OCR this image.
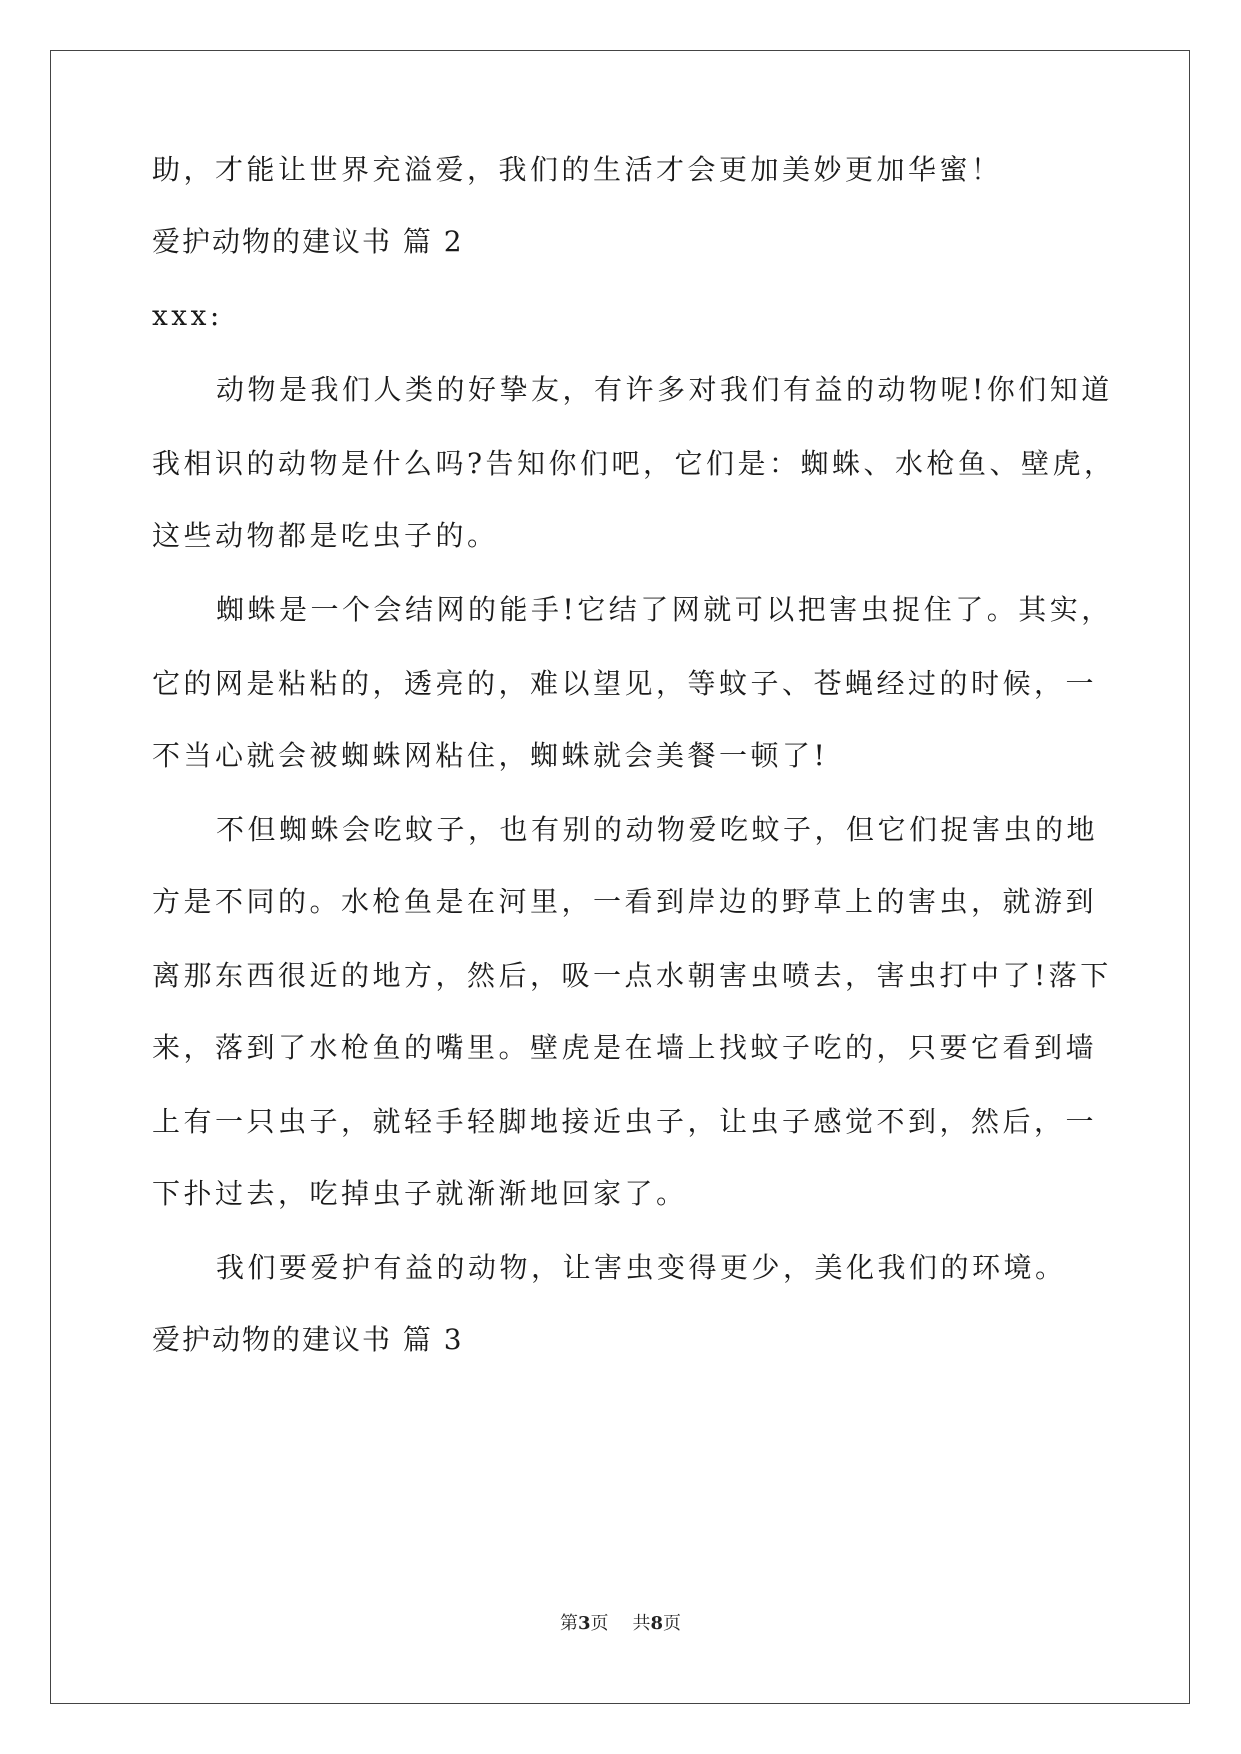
助，才能让世界充溢爱，我们的生活才会更加美妙更加华蜜！
爱护动物的建议书 篇 2
xxx:
动物是我们人类的好挚友，有许多对我们有益的动物呢!你们知道
我相识的动物是什么吗?告知你们吧，它们是：蜘蛛、水枪鱼、壁虎，
这些动物都是吃虫子的。
蜘蛛是一个会结网的能手!它结了网就可以把害虫捉住了。其实，
它的网是粘粘的，透亮的，难以望见，等蚊子、苍蝇经过的时候，一
不当心就会被蜘蛛网粘住，蜘蛛就会美餐一顿了!
不但蜘蛛会吃蚊子，也有别的动物爱吃蚊子，但它们捉害虫的地
方是不同的。水枪鱼是在河里，一看到岸边的野草上的害虫，就游到
离那东西很近的地方，然后，吸一点水朝害虫喷去，害虫打中了!落下
来，落到了水枪鱼的嘴里。壁虎是在墙上找蚊子吃的，只要它看到墙
上有一只虫子，就轻手轻脚地接近虫子，让虫子感觉不到，然后，一
下扑过去，吃掉虫子就渐渐地回家了。
我们要爱护有益的动物，让害虫变得更少，美化我们的环境。
爱护动物的建议书 篇 3
第3页 共8页
